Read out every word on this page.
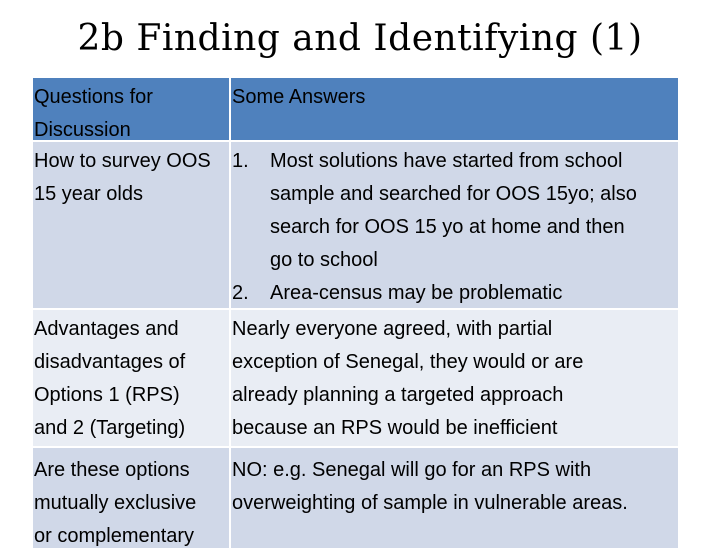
2b Finding and Identifying (1)
Questions for
Discussion
Some Answers
How to survey OOS
15 year olds
1. Most solutions have started from school
sample and searched for OOS 15yo; also
search for OOS 15 yo at home and then
go to school
2. Area-census may be problematic
Advantages and
disadvantages of
Options 1 (RPS)
and 2 (Targeting)
Nearly everyone agreed, with partial
exception of Senegal, they would or are
already planning a targeted approach
because an RPS would be inefficient
Are these options
mutually exclusive
or complementary
NO: e.g. Senegal will go for an RPS with
overweighting of sample in vulnerable areas.
